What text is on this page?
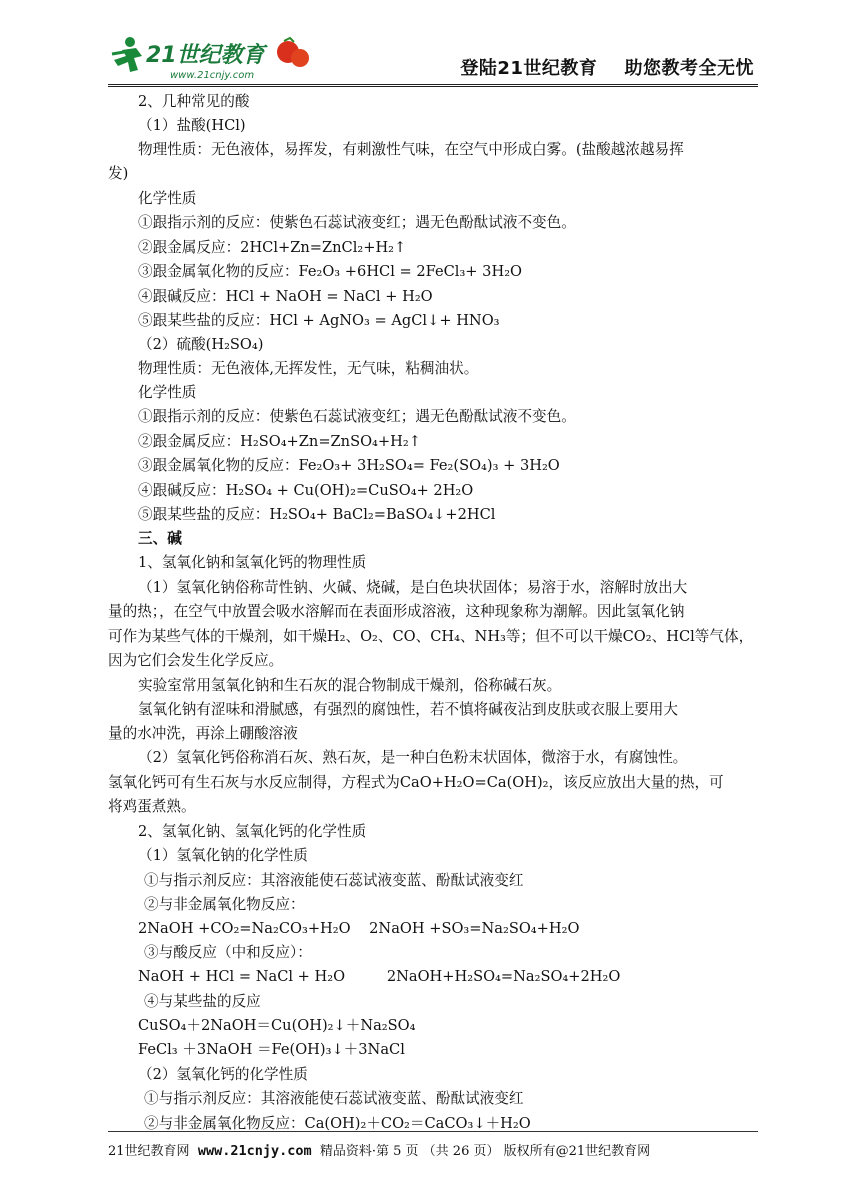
21世纪教育
www.21cnjy.com	登陆21世纪教育    助您教考全无忧
2、几种常见的酸
（1）盐酸(HCl)
物理性质：无色液体，易挥发，有刺激性气味，在空气中形成白雾。(盐酸越浓越易挥
发)
化学性质
①跟指示剂的反应：使紫色石蕊试液变红；遇无色酚酞试液不变色。
②跟金属反应：2HCl+Zn=ZnCl₂+H₂↑
③跟金属氧化物的反应：Fe₂O₃ +6HCl = 2FeCl₃+ 3H₂O
④跟碱反应：HCl + NaOH = NaCl + H₂O
⑤跟某些盐的反应：HCl + AgNO₃ = AgCl↓+ HNO₃
（2）硫酸(H₂SO₄)
物理性质：无色液体,无挥发性，无气味，粘稠油状。
化学性质
①跟指示剂的反应：使紫色石蕊试液变红；遇无色酚酞试液不变色。
②跟金属反应：H₂SO₄+Zn=ZnSO₄+H₂↑
③跟金属氧化物的反应：Fe₂O₃+ 3H₂SO₄= Fe₂(SO₄)₃ + 3H₂O
④跟碱反应：H₂SO₄ + Cu(OH)₂=CuSO₄+ 2H₂O
⑤跟某些盐的反应：H₂SO₄+ BaCl₂=BaSO₄↓+2HCl
三、碱
1、氢氧化钠和氢氧化钙的物理性质
（1）氢氧化钠俗称苛性钠、火碱、烧碱，是白色块状固体；易溶于水，溶解时放出大
量的热；，在空气中放置会吸水溶解而在表面形成溶液，这种现象称为潮解。因此氢氧化钠
可作为某些气体的干燥剂，如干燥H₂、O₂、CO、CH₄、NH₃等；但不可以干燥CO₂、HCl等气体，
因为它们会发生化学反应。
实验室常用氢氧化钠和生石灰的混合物制成干燥剂，俗称碱石灰。
氢氧化钠有涩味和滑腻感，有强烈的腐蚀性，若不慎将碱夜沾到皮肤或衣服上要用大
量的水冲洗，再涂上硼酸溶液
（2）氢氧化钙俗称消石灰、熟石灰，是一种白色粉末状固体，微溶于水，有腐蚀性。
氢氧化钙可有生石灰与水反应制得，方程式为CaO+H₂O=Ca(OH)₂，该反应放出大量的热，可
将鸡蛋煮熟。
2、氢氧化钠、氢氧化钙的化学性质
（1）氢氧化钠的化学性质
①与指示剂反应：其溶液能使石蕊试液变蓝、酚酞试液变红
②与非金属氧化物反应：
2NaOH +CO₂=Na₂CO₃+H₂O    2NaOH +SO₃=Na₂SO₄+H₂O
③与酸反应（中和反应）：
NaOH + HCl = NaCl + H₂O         2NaOH+H₂SO₄=Na₂SO₄+2H₂O
④与某些盐的反应
CuSO₄＋2NaOH＝Cu(OH)₂↓＋Na₂SO₄
FeCl₃ ＋3NaOH ＝Fe(OH)₃↓＋3NaCl
（2）氢氧化钙的化学性质
①与指示剂反应：其溶液能使石蕊试液变蓝、酚酞试液变红
②与非金属氧化物反应：Ca(OH)₂＋CO₂＝CaCO₃↓＋H₂O
21世纪教育网  www.21cnjy.com  精品资料·第 5 页 （共 26 页） 版权所有@21世纪教育网
